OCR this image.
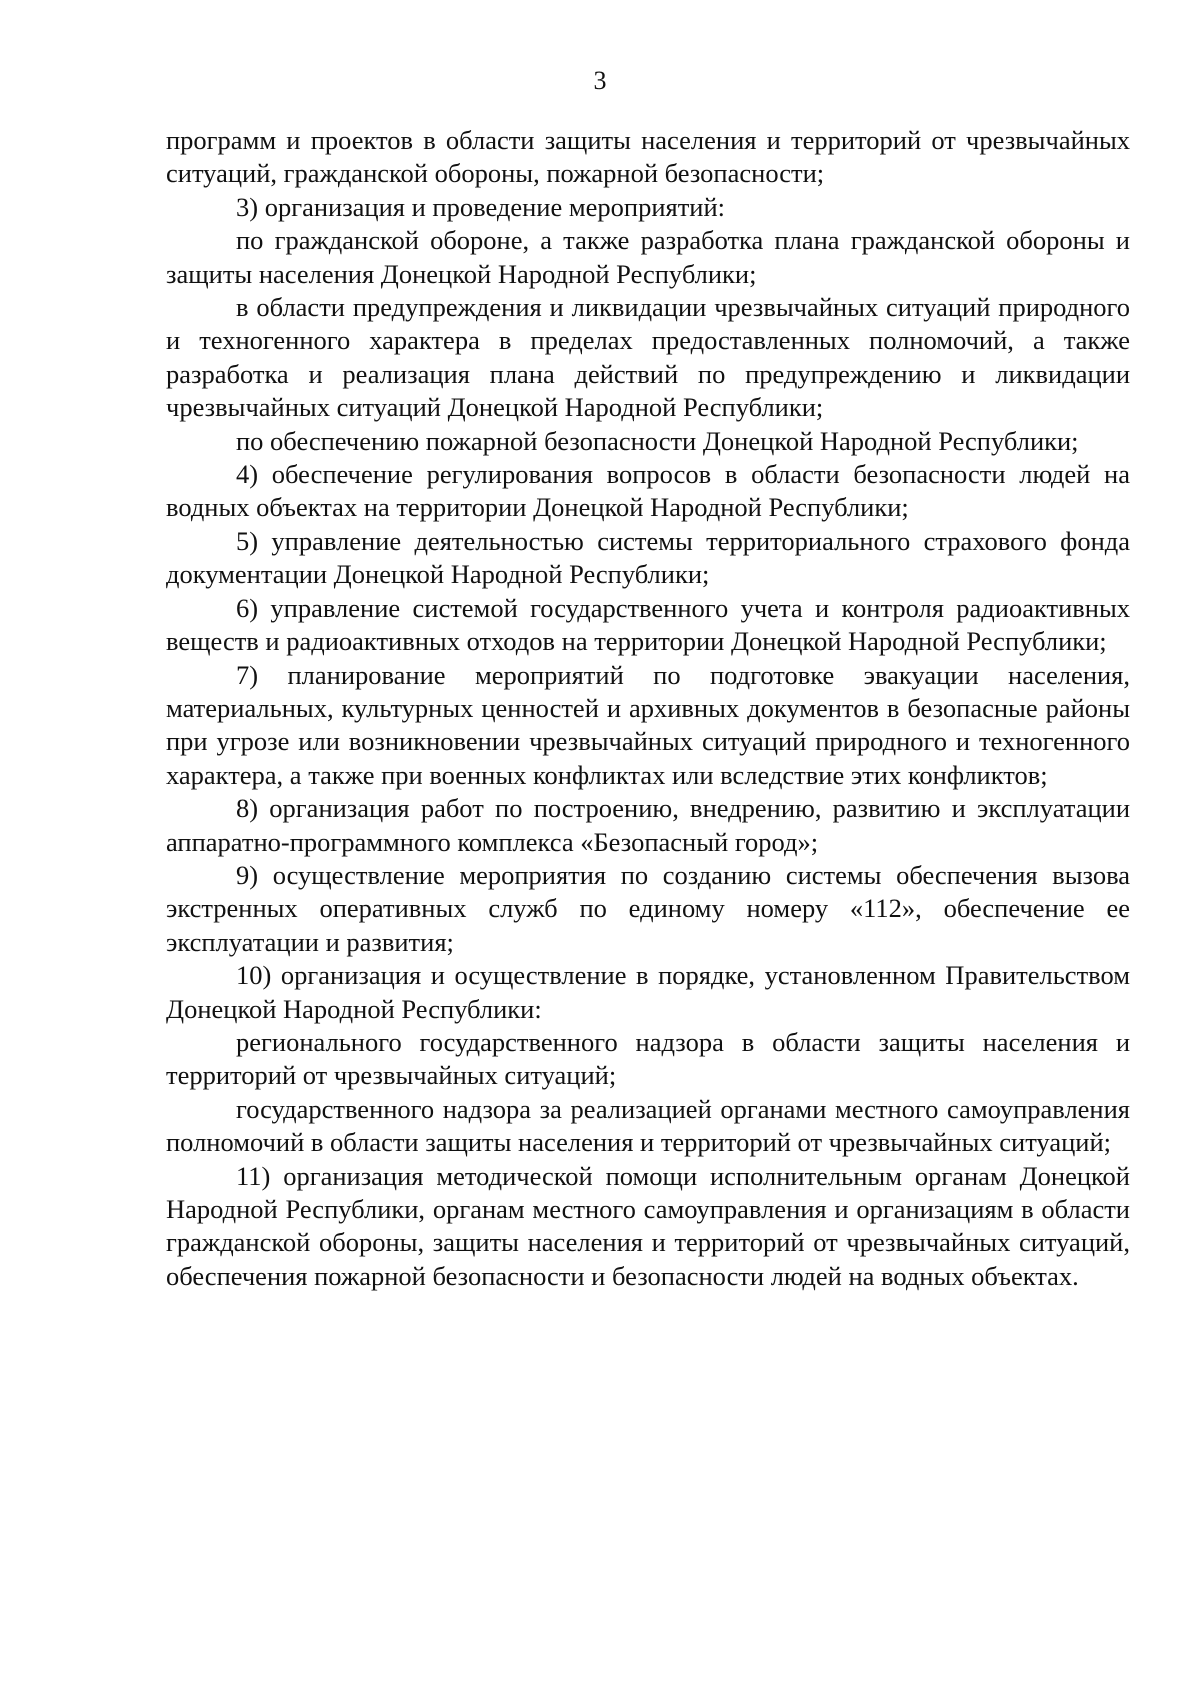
3

программ и проектов в области защиты населения и территорий от чрезвычайных ситуаций, гражданской обороны, пожарной безопасности;

3) организация и проведение мероприятий:

по гражданской обороне, а также разработка плана гражданской обороны и защиты населения Донецкой Народной Республики;

в области предупреждения и ликвидации чрезвычайных ситуаций природного и техногенного характера в пределах предоставленных полномочий, а также разработка и реализация плана действий по предупреждению и ликвидации чрезвычайных ситуаций Донецкой Народной Республики;

по обеспечению пожарной безопасности Донецкой Народной Республики;

4) обеспечение регулирования вопросов в области безопасности людей на водных объектах на территории Донецкой Народной Республики;

5) управление деятельностью системы территориального страхового фонда документации Донецкой Народной Республики;

6) управление системой государственного учета и контроля радиоактивных веществ и радиоактивных отходов на территории Донецкой Народной Республики;

7) планирование мероприятий по подготовке эвакуации населения, материальных, культурных ценностей и архивных документов в безопасные районы при угрозе или возникновении чрезвычайных ситуаций природного и техногенного характера, а также при военных конфликтах или вследствие этих конфликтов;

8) организация работ по построению, внедрению, развитию и эксплуатации аппаратно-программного комплекса «Безопасный город»;

9) осуществление мероприятия по созданию системы обеспечения вызова экстренных оперативных служб по единому номеру «112», обеспечение ее эксплуатации и развития;

10) организация и осуществление в порядке, установленном Правительством Донецкой Народной Республики:

регионального государственного надзора в области защиты населения и территорий от чрезвычайных ситуаций;

государственного надзора за реализацией органами местного самоуправления полномочий в области защиты населения и территорий от чрезвычайных ситуаций;

11) организация методической помощи исполнительным органам Донецкой Народной Республики, органам местного самоуправления и организациям в области гражданской обороны, защиты населения и территорий от чрезвычайных ситуаций, обеспечения пожарной безопасности и безопасности людей на водных объектах.
